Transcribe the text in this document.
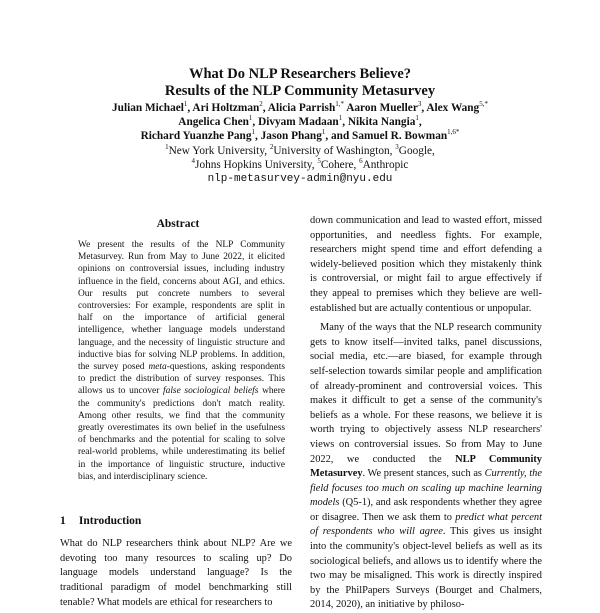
What Do NLP Researchers Believe?
Results of the NLP Community Metasurvey
Julian Michael$^1$, Ari Holtzman$^2$, Alicia Parrish$^{1,*}$ Aaron Mueller$^3$, Alex Wang$^{5,*}$
Angelica Chen$^1$, Divyam Madaan$^1$, Nikita Nangia$^1$,
Richard Yuanzhe Pang$^1$, Jason Phang$^1$, and Samuel R. Bowman$^{1,6*}$
$^1$New York University, $^2$University of Washington, $^3$Google,
$^4$Johns Hopkins University, $^5$Cohere, $^6$Anthropic
nlp-metasurvey-admin@nyu.edu
Abstract
We present the results of the NLP Community Metasurvey. Run from May to June 2022, it elicited opinions on controversial issues, including industry influence in the field, concerns about AGI, and ethics. Our results put concrete numbers to several controversies: For example, respondents are split in half on the importance of artificial general intelligence, whether language models understand language, and the necessity of linguistic structure and inductive bias for solving NLP problems. In addition, the survey posed meta-questions, asking respondents to predict the distribution of survey responses. This allows us to uncover false sociological beliefs where the community's predictions don't match reality. Among other results, we find that the community greatly overestimates its own belief in the usefulness of benchmarks and the potential for scaling to solve real-world problems, while underestimating its belief in the importance of linguistic structure, inductive bias, and interdisciplinary science.
1 Introduction
What do NLP researchers think about NLP? Are we devoting too many resources to scaling up? Do language models understand language? Is the traditional paradigm of model benchmarking still tenable? What models are ethical for researchers to

down communication and lead to wasted effort, missed opportunities, and needless fights. For example, researchers might spend time and effort defending a widely-believed position which they mistakenly think is controversial, or might fail to argue effectively if they appeal to premises which they believe are well-established but are actually contentious or unpopular.

Many of the ways that the NLP research community gets to know itself—invited talks, panel discussions, social media, etc.—are biased, for example through self-selection towards similar people and amplification of already-prominent and controversial voices. This makes it difficult to get a sense of the community's beliefs as a whole. For these reasons, we believe it is worth trying to objectively assess NLP researchers' views on controversial issues. So from May to June 2022, we conducted the NLP Community Metasurvey. We present stances, such as Currently, the field focuses too much on scaling up machine learning models (Q5-1), and ask respondents whether they agree or disagree. Then we ask them to predict what percent of respondents who will agree. This gives us insight into the community's object-level beliefs as well as its sociological beliefs, and allows us to identify where the two may be misaligned. This work is directly inspired by the PhilPapers Surveys (Bourget and Chalmers, 2014, 2020), an initiative by philoso-
